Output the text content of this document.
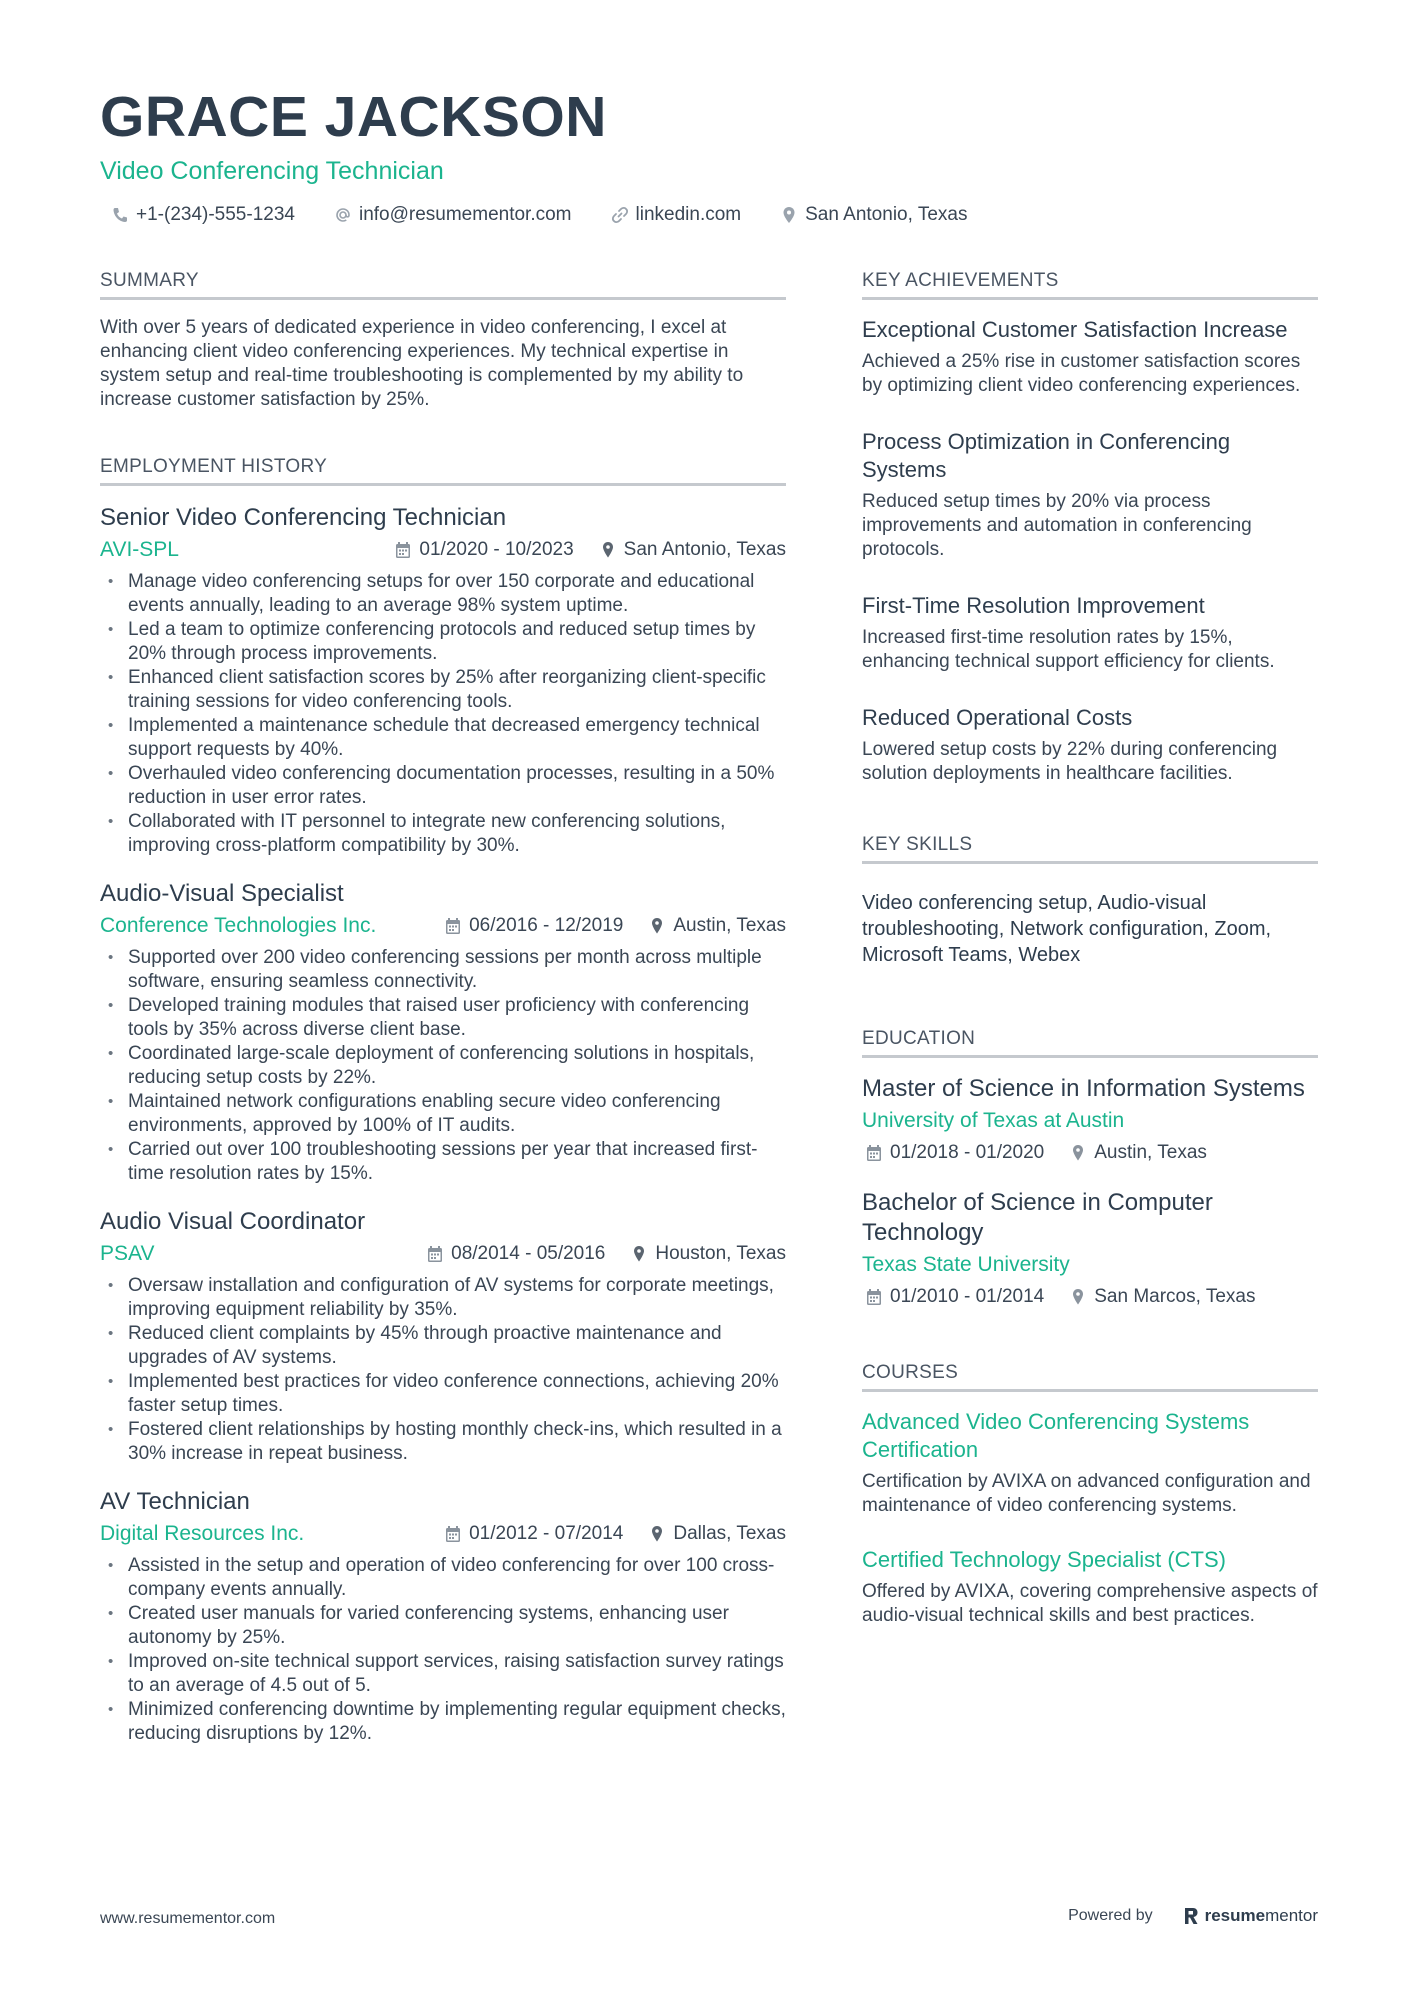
GRACE JACKSON
Video Conferencing Technician
+1-(234)-555-1234	info@resumementor.com	linkedin.com	San Antonio, Texas
SUMMARY
With over 5 years of dedicated experience in video conferencing, I excel at enhancing client video conferencing experiences. My technical expertise in system setup and real-time troubleshooting is complemented by my ability to increase customer satisfaction by 25%.
EMPLOYMENT HISTORY
Senior Video Conferencing Technician
AVI-SPL	01/2020 - 10/2023	San Antonio, Texas
• Manage video conferencing setups for over 150 corporate and educational events annually, leading to an average 98% system uptime.
• Led a team to optimize conferencing protocols and reduced setup times by 20% through process improvements.
• Enhanced client satisfaction scores by 25% after reorganizing client-specific training sessions for video conferencing tools.
• Implemented a maintenance schedule that decreased emergency technical support requests by 40%.
• Overhauled video conferencing documentation processes, resulting in a 50% reduction in user error rates.
• Collaborated with IT personnel to integrate new conferencing solutions, improving cross-platform compatibility by 30%.
Audio-Visual Specialist
Conference Technologies Inc.	06/2016 - 12/2019	Austin, Texas
• Supported over 200 video conferencing sessions per month across multiple software, ensuring seamless connectivity.
• Developed training modules that raised user proficiency with conferencing tools by 35% across diverse client base.
• Coordinated large-scale deployment of conferencing solutions in hospitals, reducing setup costs by 22%.
• Maintained network configurations enabling secure video conferencing environments, approved by 100% of IT audits.
• Carried out over 100 troubleshooting sessions per year that increased first-time resolution rates by 15%.
Audio Visual Coordinator
PSAV	08/2014 - 05/2016	Houston, Texas
• Oversaw installation and configuration of AV systems for corporate meetings, improving equipment reliability by 35%.
• Reduced client complaints by 45% through proactive maintenance and upgrades of AV systems.
• Implemented best practices for video conference connections, achieving 20% faster setup times.
• Fostered client relationships by hosting monthly check-ins, which resulted in a 30% increase in repeat business.
AV Technician
Digital Resources Inc.	01/2012 - 07/2014	Dallas, Texas
• Assisted in the setup and operation of video conferencing for over 100 cross-company events annually.
• Created user manuals for varied conferencing systems, enhancing user autonomy by 25%.
• Improved on-site technical support services, raising satisfaction survey ratings to an average of 4.5 out of 5.
• Minimized conferencing downtime by implementing regular equipment checks, reducing disruptions by 12%.
KEY ACHIEVEMENTS
Exceptional Customer Satisfaction Increase
Achieved a 25% rise in customer satisfaction scores by optimizing client video conferencing experiences.
Process Optimization in Conferencing Systems
Reduced setup times by 20% via process improvements and automation in conferencing protocols.
First-Time Resolution Improvement
Increased first-time resolution rates by 15%, enhancing technical support efficiency for clients.
Reduced Operational Costs
Lowered setup costs by 22% during conferencing solution deployments in healthcare facilities.
KEY SKILLS
Video conferencing setup, Audio-visual troubleshooting, Network configuration, Zoom, Microsoft Teams, Webex
EDUCATION
Master of Science in Information Systems
University of Texas at Austin
01/2018 - 01/2020	Austin, Texas
Bachelor of Science in Computer Technology
Texas State University
01/2010 - 01/2014	San Marcos, Texas
COURSES
Advanced Video Conferencing Systems Certification
Certification by AVIXA on advanced configuration and maintenance of video conferencing systems.
Certified Technology Specialist (CTS)
Offered by AVIXA, covering comprehensive aspects of audio-visual technical skills and best practices.
www.resumementor.com	Powered by	resume mentor
